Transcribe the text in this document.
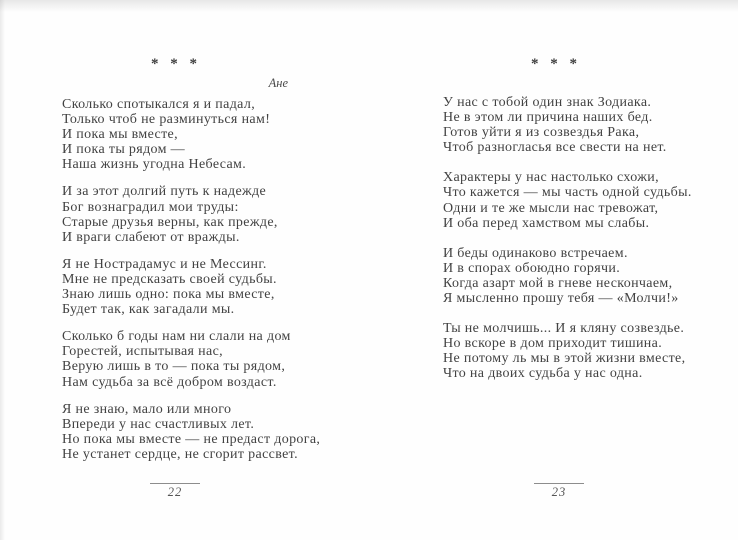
* * *
Ане
Сколько спотыкался я и падал,
Только чтоб не разминуться нам!
И пока мы вместе,
И пока ты рядом —
Наша жизнь угодна Небесам.
И за этот долгий путь к надежде
Бог вознаградил мои труды:
Старые друзья верны, как прежде,
И враги слабеют от вражды.
Я не Нострадамус и не Мессинг.
Мне не предсказать своей судьбы.
Знаю лишь одно: пока мы вместе,
Будет так, как загадали мы.
Сколько б годы нам ни слали на дом
Горестей, испытывая нас,
Верую лишь в то — пока ты рядом,
Нам судьба за всё добром воздаст.
Я не знаю, мало или много
Впереди у нас счастливых лет.
Но пока мы вместе — не предаст дорога,
Не устанет сердце, не сгорит рассвет.
* * *
У нас с тобой один знак Зодиака.
Не в этом ли причина наших бед.
Готов уйти я из созвездья Рака,
Чтоб разногласья все свести на нет.
Характеры у нас настолько схожи,
Что кажется — мы часть одной судьбы.
Одни и те же мысли нас тревожат,
И оба перед хамством мы слабы.
И беды одинаково встречаем.
И в спорах обоюдно горячи.
Когда азарт мой в гневе нескончаем,
Я мысленно прошу тебя — «Молчи!»
Ты не молчишь... И я кляну созвездье.
Но вскоре в дом приходит тишина.
Не потому ль мы в этой жизни вместе,
Что на двоих судьба у нас одна.
22	23
